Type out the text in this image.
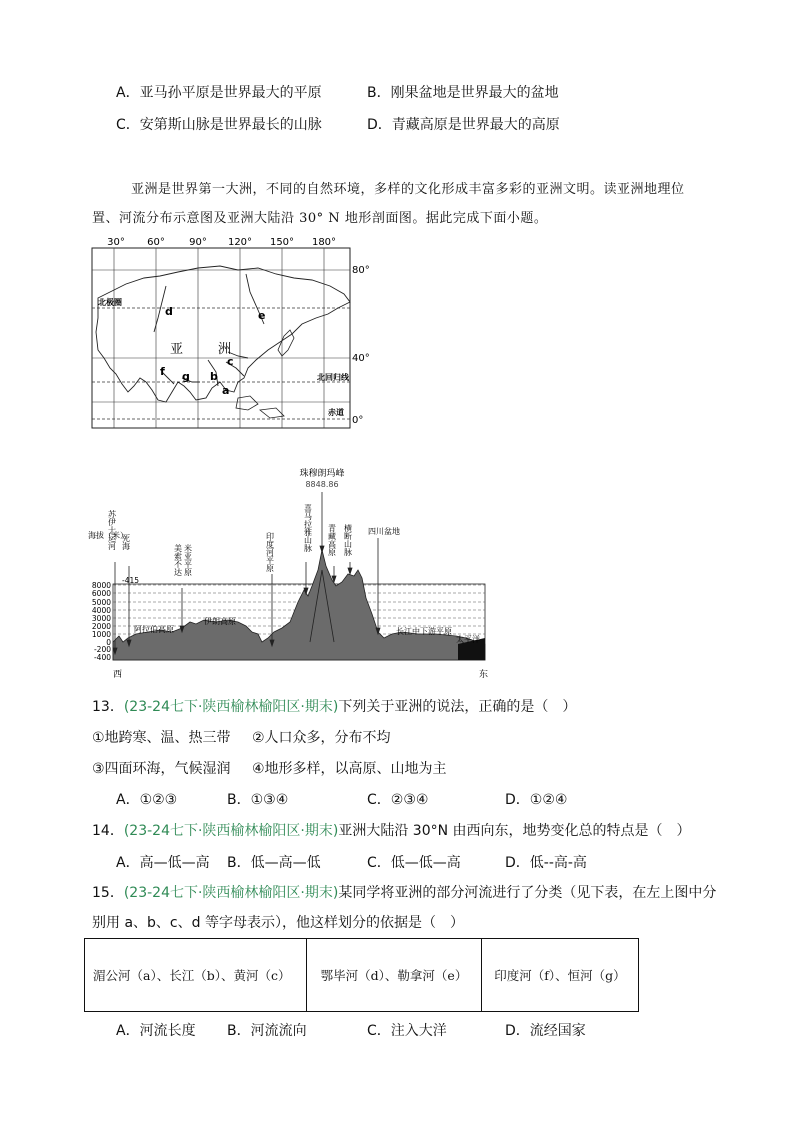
A．亚马孙平原是世界最大的平原	B．刚果盆地是世界最大的盆地
C．安第斯山脉是世界最长的山脉	D．青藏高原是世界最大的高原
亚洲是世界第一大洲，不同的自然环境，多样的文化形成丰富多彩的亚洲文明。读亚洲地理位
置、河流分布示意图及亚洲大陆沿 30° N 地形剖面图。据此完成下面小题。
30° 60° 90° 120° 150° 180°
a
b
c
d	e
f g
亚	洲
北极圈
北回归线
赤道
80°
40°
0°
珠穆朗玛峰
8848.86
海拔（米）
8000
6000
5000
4000
3000
2000
1000
0
-200
-400
阿拉伯高原
伊朗高原
长江中下游平原
太平洋
苏伊士运河 死海
-415
美索不达 米亚平原	印度河平原	喜马拉雅山脉 青藏高原 横断山脉 四川盆地
西	东
13．(23-24七下·陕西榆林榆阳区·期末)下列关于亚洲的说法，正确的是（　）
①地跨寒、温、热三带 ②人口众多，分布不均
③四面环海，气候湿润 ④地形多样，以高原、山地为主
A．①②③	B．①③④	C．②③④	D．①②④
14．(23-24七下·陕西榆林榆阳区·期末)亚洲大陆沿 30°N 由西向东，地势变化总的特点是（　）
A．高—低—高 B．低—高—低	C．低—低—高	D．低--高-高
15．(23-24七下·陕西榆林榆阳区·期末)某同学将亚洲的部分河流进行了分类（见下表，在左上图中分
别用 a、b、c、d 等字母表示），他这样划分的依据是（　）
湄公河（a）、长江（b）、黄河（c）	鄂毕河（d）、勒拿河（e）	印度河（f）、恒河（g）
A．河流长度 B．河流流向	C．注入大洋	D．流经国家
